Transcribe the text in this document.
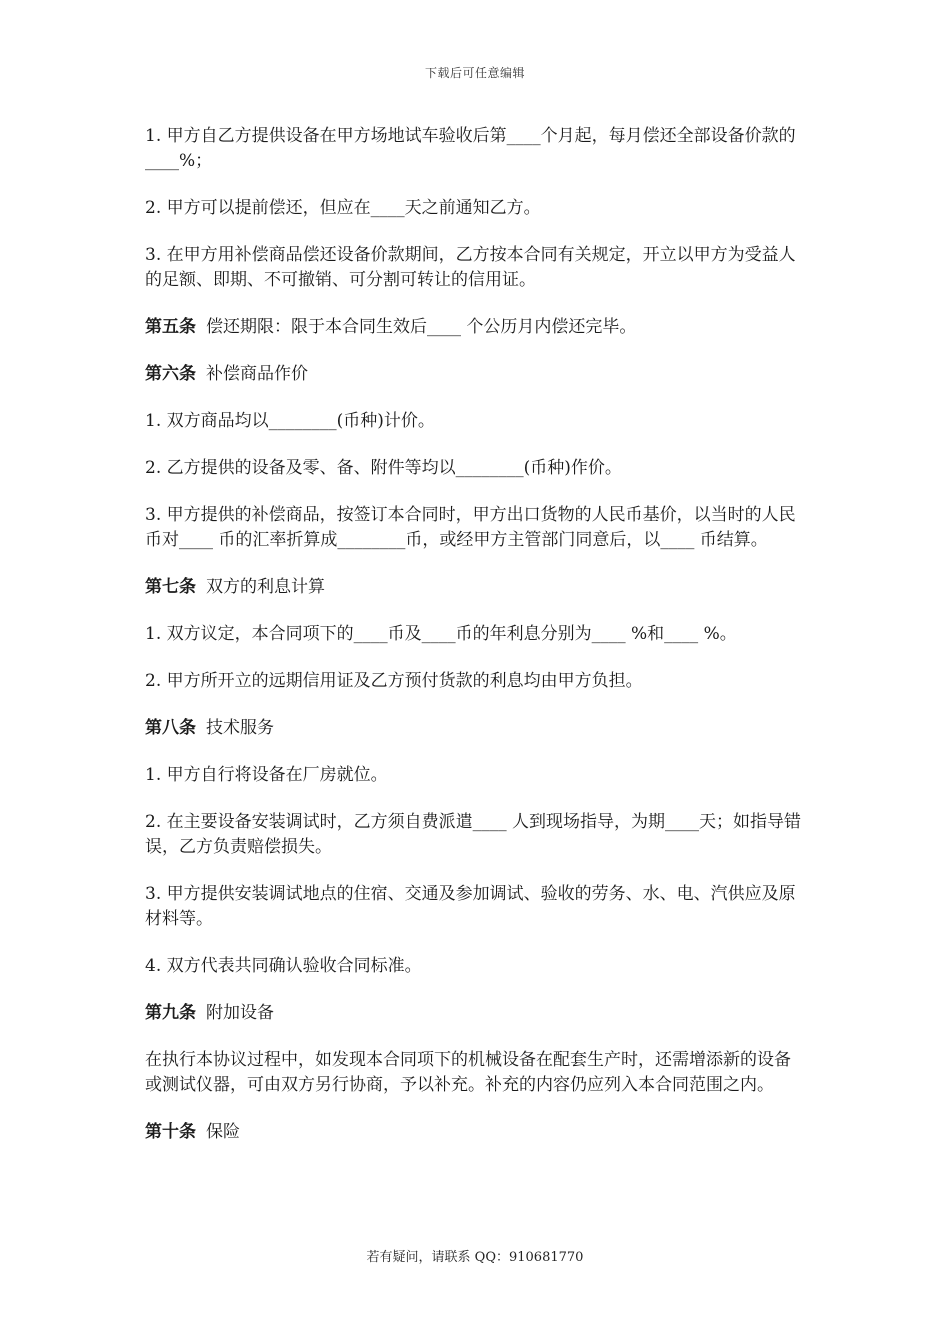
下载后可任意编辑

1. 甲方自乙方提供设备在甲方场地试车验收后第____个月起，每月偿还全部设备价款的____%；

2. 甲方可以提前偿还，但应在____天之前通知乙方。

3. 在甲方用补偿商品偿还设备价款期间，乙方按本合同有关规定，开立以甲方为受益人的足额、即期、不可撤销、可分割可转让的信用证。

第五条 偿还期限：限于本合同生效后____ 个公历月内偿还完毕。

第六条 补偿商品作价

1. 双方商品均以________(币种)计价。

2. 乙方提供的设备及零、备、附件等均以________(币种)作价。

3. 甲方提供的补偿商品，按签订本合同时，甲方出口货物的人民币基价，以当时的人民币对____ 币的汇率折算成________币，或经甲方主管部门同意后，以____ 币结算。

第七条 双方的利息计算

1. 双方议定，本合同项下的____币及____币的年利息分别为____ %和____ %。

2. 甲方所开立的远期信用证及乙方预付货款的利息均由甲方负担。

第八条 技术服务

1. 甲方自行将设备在厂房就位。

2. 在主要设备安装调试时，乙方须自费派遣____ 人到现场指导，为期____天；如指导错误，乙方负责赔偿损失。

3. 甲方提供安装调试地点的住宿、交通及参加调试、验收的劳务、水、电、汽供应及原材料等。

4. 双方代表共同确认验收合同标准。

第九条 附加设备

在执行本协议过程中，如发现本合同项下的机械设备在配套生产时，还需增添新的设备或测试仪器，可由双方另行协商，予以补充。补充的内容仍应列入本合同范围之内。

第十条 保险

若有疑问，请联系 QQ：910681770
